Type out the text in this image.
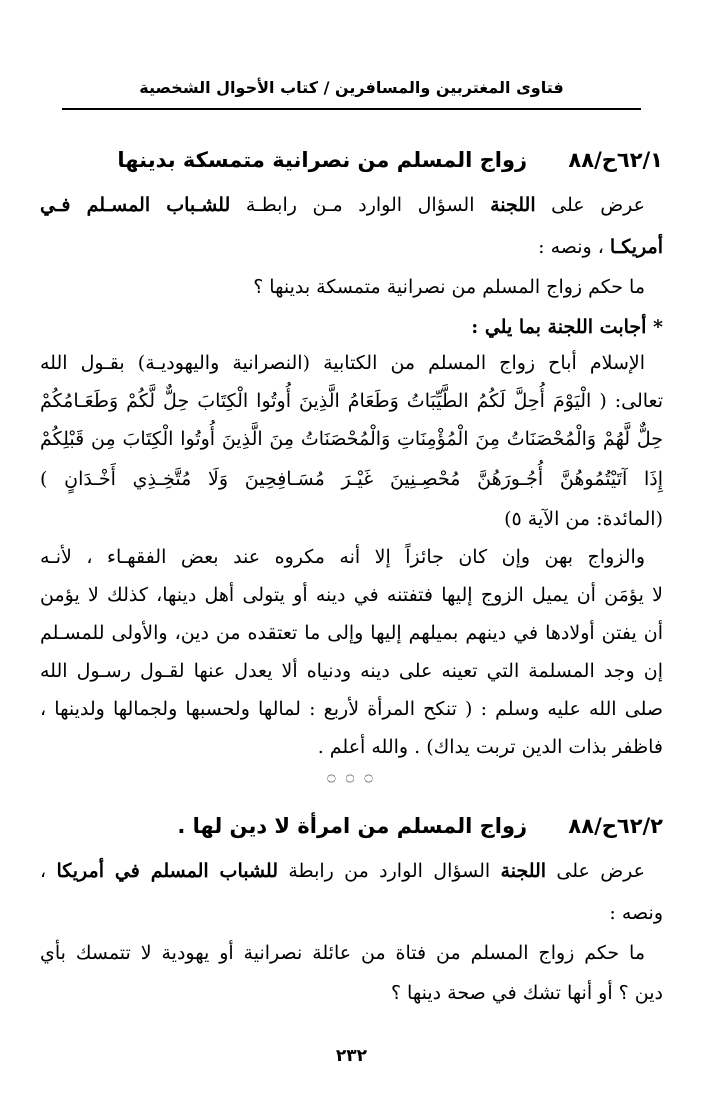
فتاوى المغتربين والمسافرين / كتاب الأحوال الشخصية
٦٢/١ح/٨٨ زواج المسلم من نصرانية متمسكة بدينها
عرض على اللجنة السؤال الوارد مـن رابطـة للشـباب المسـلم فـي
أمريكـا ، ونصه :
ما حكم زواج المسلم من نصرانية متمسكة بدينها ؟
* أجابت اللجنة بما يلي :
الإسلام أباح زواج المسلم من الكتابية (النصرانية واليهوديـة) بقـول الله
تعالى: ( الْيَوْمَ أُحِلَّ لَكُمُ الطَّيِّبَاتُ وَطَعَامُ الَّذِينَ أُوتُوا الْكِتَابَ حِلٌّ لَّكُمْ وَطَعَـامُكُمْ
حِلٌّ لَّهُمْ وَالْمُحْصَنَاتُ مِنَ الْمُؤْمِنَاتِ وَالْمُحْصَنَاتُ مِنَ الَّذِينَ أُوتُوا الْكِتَابَ مِن قَبْلِكُمْ
إِذَا آتَيْتُمُوهُنَّ أُجُـورَهُنَّ مُحْصِـنِينَ غَيْـرَ مُسَـافِحِينَ وَلَا مُتَّخِـذِي أَخْـدَانٍ )
(المائدة: من الآية ٥)
والزواج بهن وإن كان جائزاً إلا أنه مكروه عند بعض الفقهـاء ، لأنـه
لا يؤمَن أن يميل الزوج إليها فتفتنه في دينه أو يتولى أهل دينها، كذلك لا يؤمن
أن يفتن أولادها في دينهم بميلهم إليها وإلى ما تعتقده من دين، والأولى للمسـلم
إن وجد المسلمة التي تعينه على دينه ودنياه ألا يعدل عنها لقـول رسـول الله
صلى الله عليه وسلم : ( تنكح المرأة لأربع : لمالها ولحسبها ولجمالها ولدينها ،
فاظفر بذات الدين تربت يداك) . والله أعلم .
۝ ۝ ۝
٦٢/٢ح/٨٨ زواج المسلم من امرأة لا دين لها .
عرض على اللجنة السؤال الوارد من رابطة للشباب المسلم في أمريكا ،
ونصه :
ما حكم زواج المسلم من فتاة من عائلة نصرانية أو يهودية لا تتمسك بأي
دين ؟ أو أنها تشك في صحة دينها ؟
٢٣٢
